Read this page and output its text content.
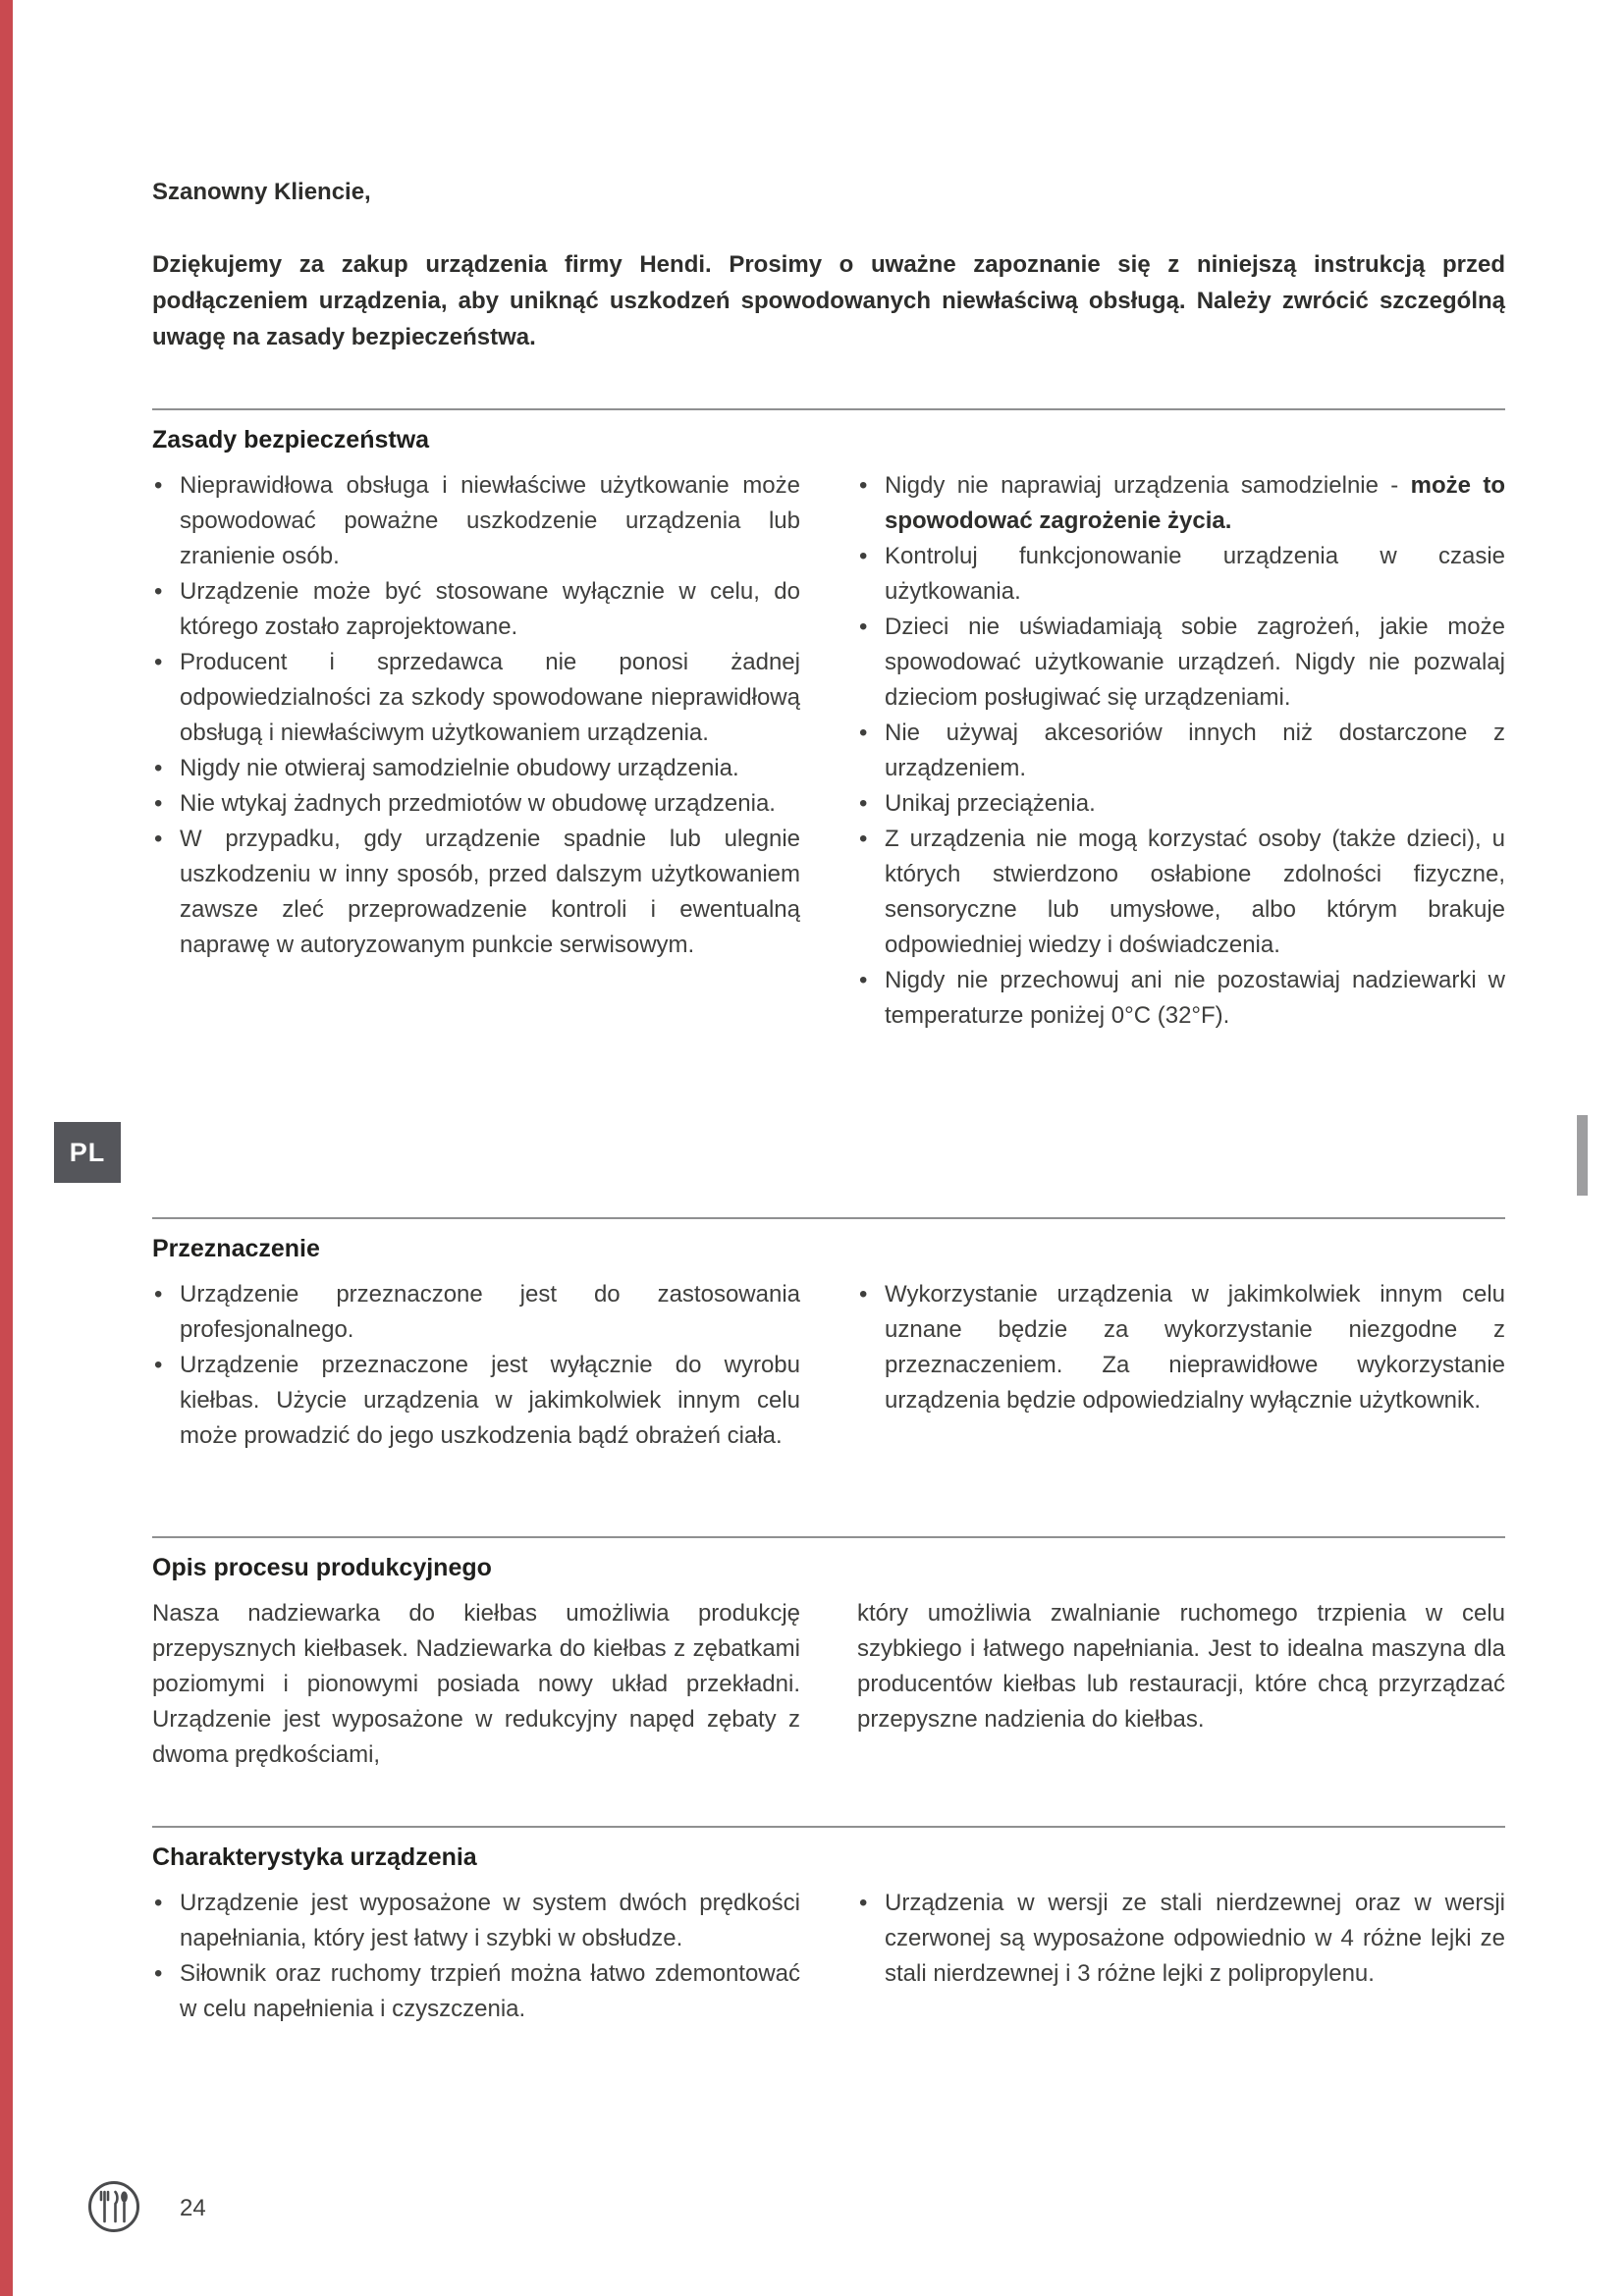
PL

Szanowny Kliencie,

Dziękujemy za zakup urządzenia firmy Hendi. Prosimy o uważne zapoznanie się z niniejszą instrukcją przed podłączeniem urządzenia, aby uniknąć uszkodzeń spowodowanych niewłaściwą obsługą. Należy zwrócić szczególną uwagę na zasady bezpieczeństwa.

Zasady bezpieczeństwa
• Nieprawidłowa obsługa i niewłaściwe użytkowanie może spowodować poważne uszkodzenie urządzenia lub zranienie osób.
• Urządzenie może być stosowane wyłącznie w celu, do którego zostało zaprojektowane.
• Producent i sprzedawca nie ponosi żadnej odpowiedzialności za szkody spowodowane nieprawidłową obsługą i niewłaściwym użytkowaniem urządzenia.
• Nigdy nie otwieraj samodzielnie obudowy urządzenia.
• Nie wtykaj żadnych przedmiotów w obudowę urządzenia.
• W przypadku, gdy urządzenie spadnie lub ulegnie uszkodzeniu w inny sposób, przed dalszym użytkowaniem zawsze zleć przeprowadzenie kontroli i ewentualną naprawę w autoryzowanym punkcie serwisowym.
• Nigdy nie naprawiaj urządzenia samodzielnie - może to spowodować zagrożenie życia.
• Kontroluj funkcjonowanie urządzenia w czasie użytkowania.
• Dzieci nie uświadamiają sobie zagrożeń, jakie może spowodować użytkowanie urządzeń. Nigdy nie pozwalaj dzieciom posługiwać się urządzeniami.
• Nie używaj akcesoriów innych niż dostarczone z urządzeniem.
• Unikaj przeciążenia.
• Z urządzenia nie mogą korzystać osoby (także dzieci), u których stwierdzono osłabione zdolności fizyczne, sensoryczne lub umysłowe, albo którym brakuje odpowiedniej wiedzy i doświadczenia.
• Nigdy nie przechowuj ani nie pozostawiaj nadziewarki w temperaturze poniżej 0°C (32°F).
Przeznaczenie
• Urządzenie przeznaczone jest do zastosowania profesjonalnego.
• Urządzenie przeznaczone jest wyłącznie do wyrobu kiełbas. Użycie urządzenia w jakimkolwiek innym celu może prowadzić do jego uszkodzenia bądź obrażeń ciała.
• Wykorzystanie urządzenia w jakimkolwiek innym celu uznane będzie za wykorzystanie niezgodne z przeznaczeniem. Za nieprawidłowe wykorzystanie urządzenia będzie odpowiedzialny wyłącznie użytkownik.
Opis procesu produkcyjnego

Nasza nadziewarka do kiełbas umożliwia produkcję przepysznych kiełbasek. Nadziewarka do kiełbas z zębatkami poziomymi i pionowymi posiada nowy układ przekładni. Urządzenie jest wyposażone w redukcyjny napęd zębaty z dwoma prędkościami,

który umożliwia zwalnianie ruchomego trzpienia w celu szybkiego i łatwego napełniania. Jest to idealna maszyna dla producentów kiełbas lub restauracji, które chcą przyrządzać przepyszne nadzienia do kiełbas.

Charakterystyka urządzenia
• Urządzenie jest wyposażone w system dwóch prędkości napełniania, który jest łatwy i szybki w obsłudze.
• Siłownik oraz ruchomy trzpień można łatwo zdemontować w celu napełnienia i czyszczenia.
• Urządzenia w wersji ze stali nierdzewnej oraz w wersji czerwonej są wyposażone odpowiednio w 4 różne lejki ze stali nierdzewnej i 3 różne lejki z polipropylenu.
24
